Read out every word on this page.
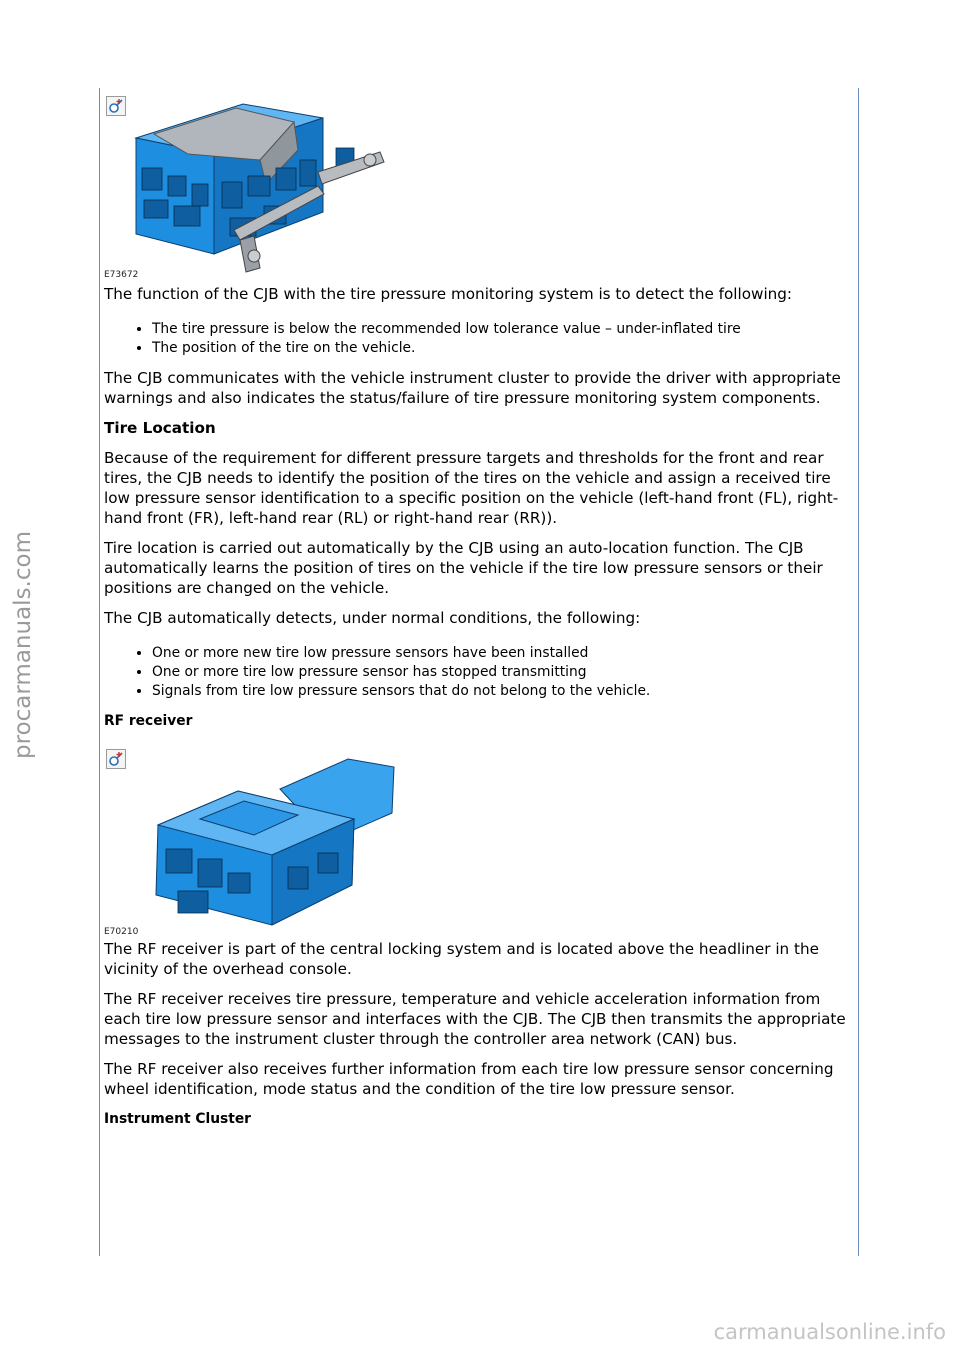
procarmanuals.com
carmanualsonline.info
E73672

The function of the CJB with the tire pressure monitoring system is to detect the following:

• The tire pressure is below the recommended low tolerance value – under-inflated tire
• The position of the tire on the vehicle.

The CJB communicates with the vehicle instrument cluster to provide the driver with appropriate warnings and also indicates the status/failure of tire pressure monitoring system components.

Tire Location

Because of the requirement for different pressure targets and thresholds for the front and rear tires, the CJB needs to identify the position of the tires on the vehicle and assign a received tire low pressure sensor identification to a specific position on the vehicle (left-hand front (FL), right-hand front (FR), left-hand rear (RL) or right-hand rear (RR)).

Tire location is carried out automatically by the CJB using an auto-location function. The CJB automatically learns the position of tires on the vehicle if the tire low pressure sensors or their positions are changed on the vehicle.

The CJB automatically detects, under normal conditions, the following:

• One or more new tire low pressure sensors have been installed
• One or more tire low pressure sensor has stopped transmitting
• Signals from tire low pressure sensors that do not belong to the vehicle.
RF receiver
E70210

The RF receiver is part of the central locking system and is located above the headliner in the vicinity of the overhead console.

The RF receiver receives tire pressure, temperature and vehicle acceleration information from each tire low pressure sensor and interfaces with the CJB. The CJB then transmits the appropriate messages to the instrument cluster through the controller area network (CAN) bus.

The RF receiver also receives further information from each tire low pressure sensor concerning wheel identification, mode status and the condition of the tire low pressure sensor.

Instrument Cluster
